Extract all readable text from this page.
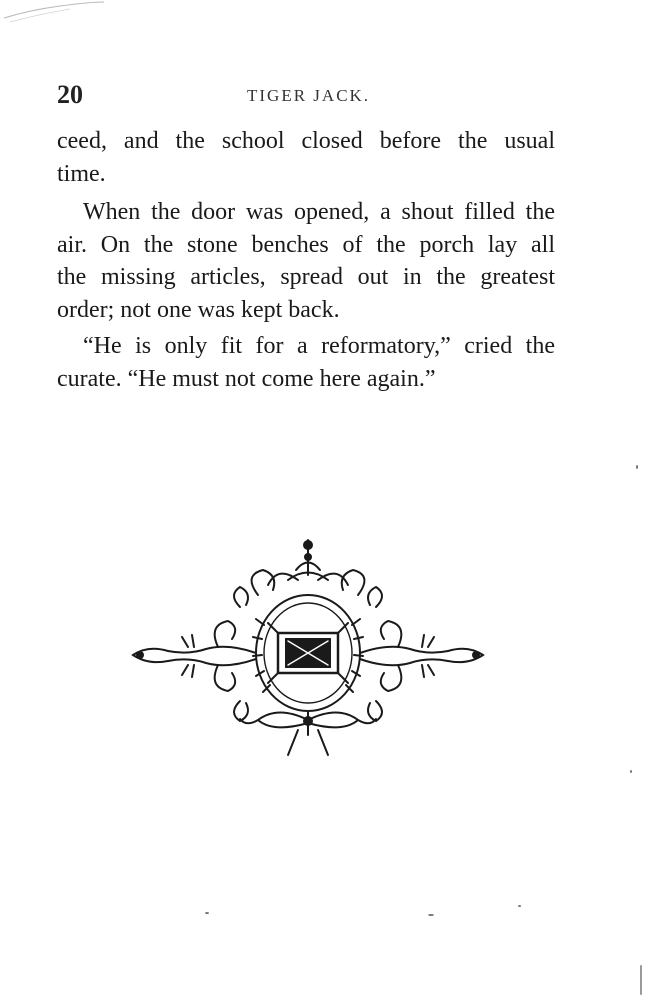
20	TIGER JACK.

ceed, and the school closed before the usual
time.

When the door was opened, a shout filled the
air. On the stone benches of the porch lay all
the missing articles, spread out in the greatest
order; not one was kept back.

“He is only fit for a reformatory,” cried the
curate. “He must not come here again.”
